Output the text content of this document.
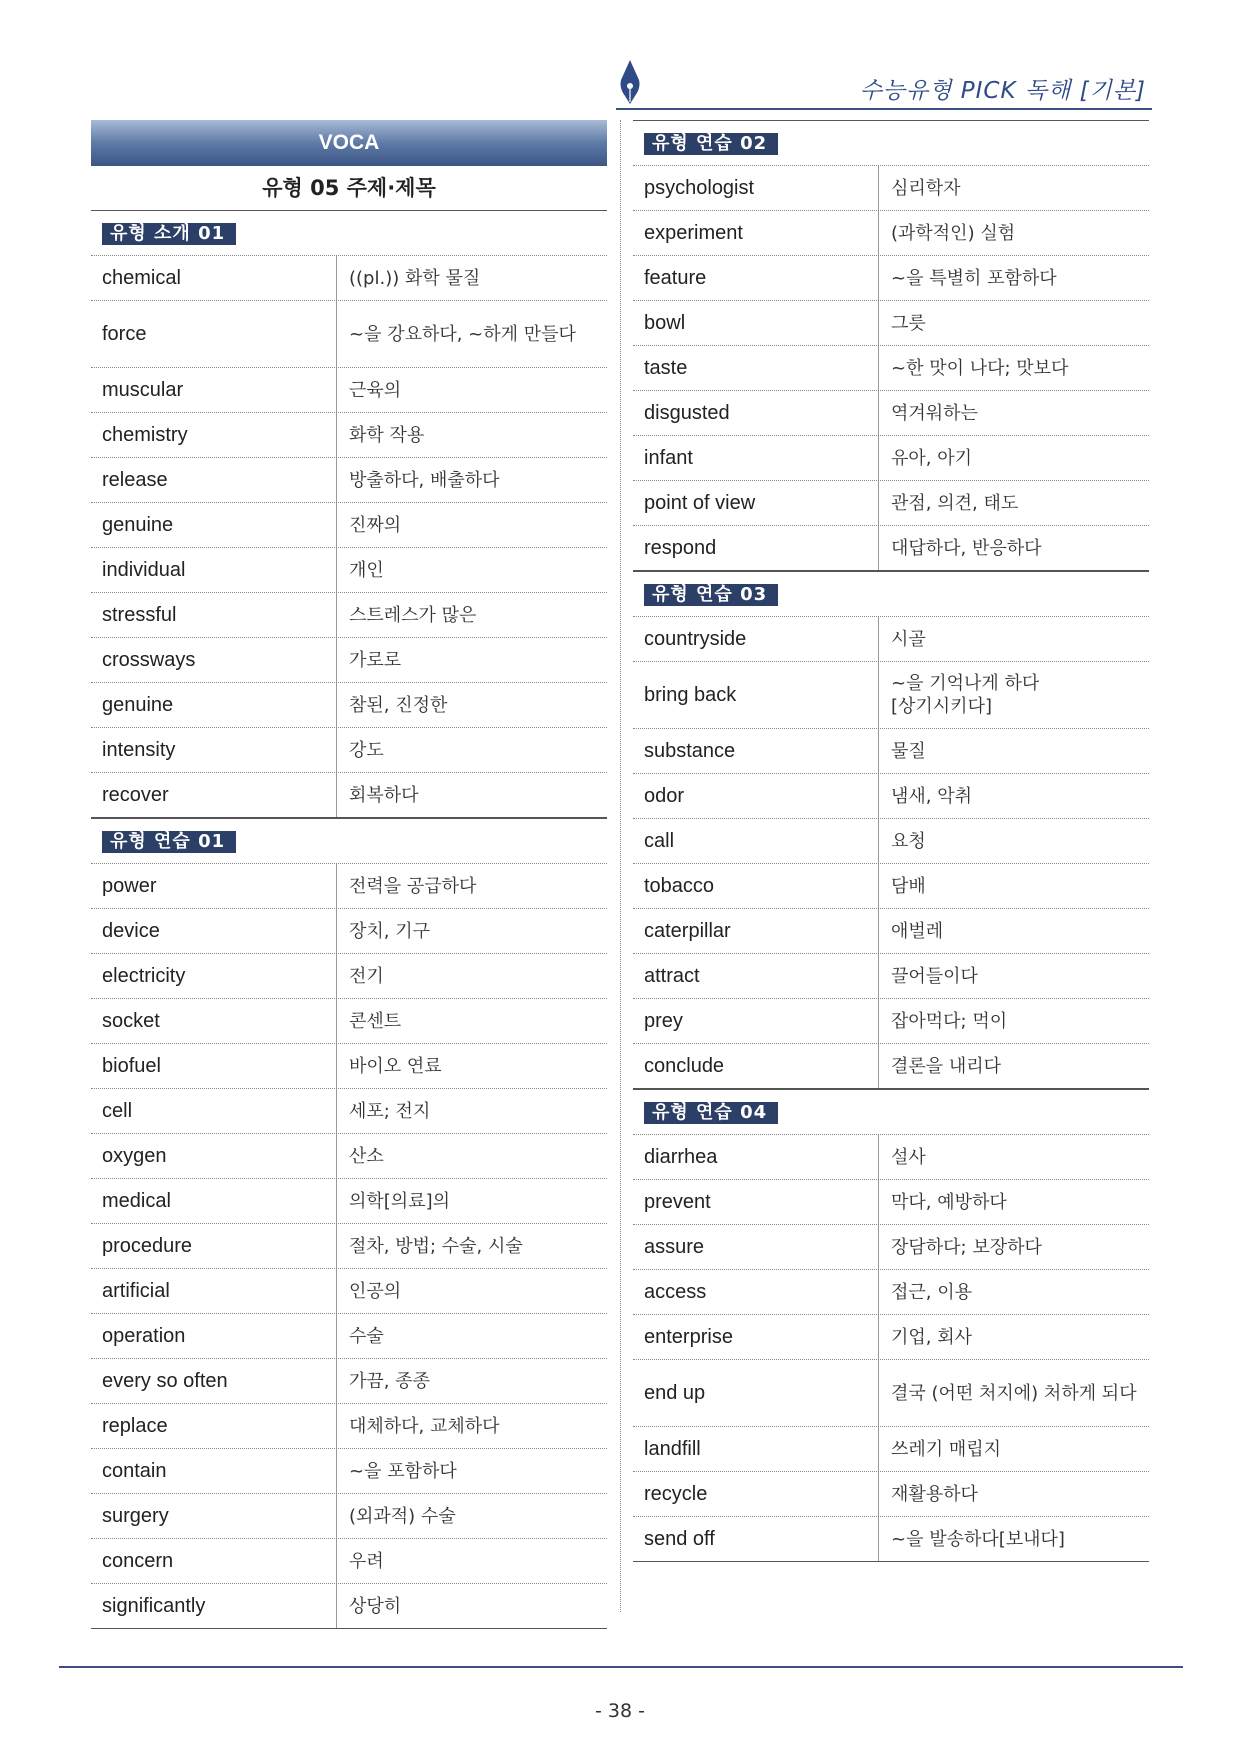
수능유형 PICK 독해 [기본]
VOCA
유형 05 주제·제목
유형 소개 01
chemical	((pl.)) 화학 물질
force	~을 강요하다, ~하게 만들다
muscular	근육의
chemistry	화학 작용
release	방출하다, 배출하다
genuine	진짜의
individual	개인
stressful	스트레스가 많은
crossways	가로로
genuine	참된, 진정한
intensity	강도
recover	회복하다
유형 연습 01
power	전력을 공급하다
device	장치, 기구
electricity	전기
socket	콘센트
biofuel	바이오 연료
cell	세포; 전지
oxygen	산소
medical	의학[의료]의
procedure	절차, 방법; 수술, 시술
artificial	인공의
operation	수술
every so often	가끔, 종종
replace	대체하다, 교체하다
contain	~을 포함하다
surgery	(외과적) 수술
concern	우려
significantly	상당히
유형 연습 02
psychologist	심리학자
experiment	(과학적인) 실험
feature	~을 특별히 포함하다
bowl	그릇
taste	~한 맛이 나다; 맛보다
disgusted	역겨워하는
infant	유아, 아기
point of view	관점, 의견, 태도
respond	대답하다, 반응하다
유형 연습 03
countryside	시골
bring back	~을 기억나게 하다[상기시키다]
substance	물질
odor	냄새, 악취
call	요청
tobacco	담배
caterpillar	애벌레
attract	끌어들이다
prey	잡아먹다; 먹이
conclude	결론을 내리다
유형 연습 04
diarrhea	설사
prevent	막다, 예방하다
assure	장담하다; 보장하다
access	접근, 이용
enterprise	기업, 회사
end up	결국 (어떤 처지에) 처하게 되다
landfill	쓰레기 매립지
recycle	재활용하다
send off	~을 발송하다[보내다]
- 38 -
